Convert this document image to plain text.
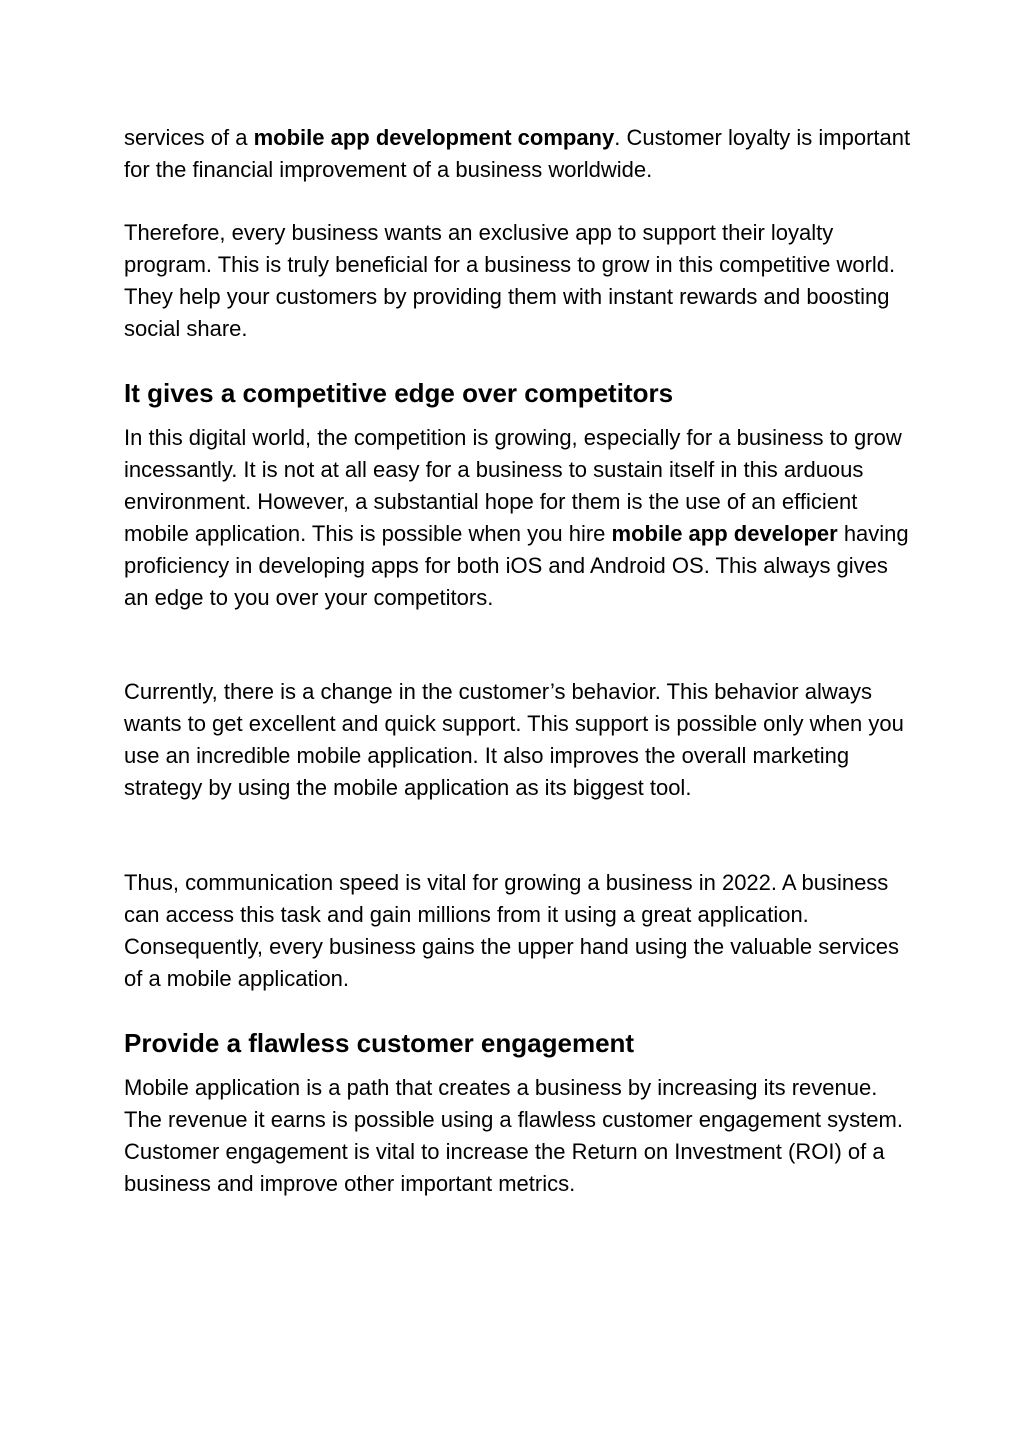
services of a mobile app development company. Customer loyalty is important for the financial improvement of a business worldwide.

Therefore, every business wants an exclusive app to support their loyalty program. This is truly beneficial for a business to grow in this competitive world. They help your customers by providing them with instant rewards and boosting social share.

It gives a competitive edge over competitors

In this digital world, the competition is growing, especially for a business to grow incessantly. It is not at all easy for a business to sustain itself in this arduous environment. However, a substantial hope for them is the use of an efficient mobile application. This is possible when you hire mobile app developer having proficiency in developing apps for both iOS and Android OS. This always gives an edge to you over your competitors.

Currently, there is a change in the customer’s behavior. This behavior always wants to get excellent and quick support. This support is possible only when you use an incredible mobile application. It also improves the overall marketing strategy by using the mobile application as its biggest tool.

Thus, communication speed is vital for growing a business in 2022. A business can access this task and gain millions from it using a great application. Consequently, every business gains the upper hand using the valuable services of a mobile application.

Provide a flawless customer engagement

Mobile application is a path that creates a business by increasing its revenue. The revenue it earns is possible using a flawless customer engagement system. Customer engagement is vital to increase the Return on Investment (ROI) of a business and improve other important metrics.
